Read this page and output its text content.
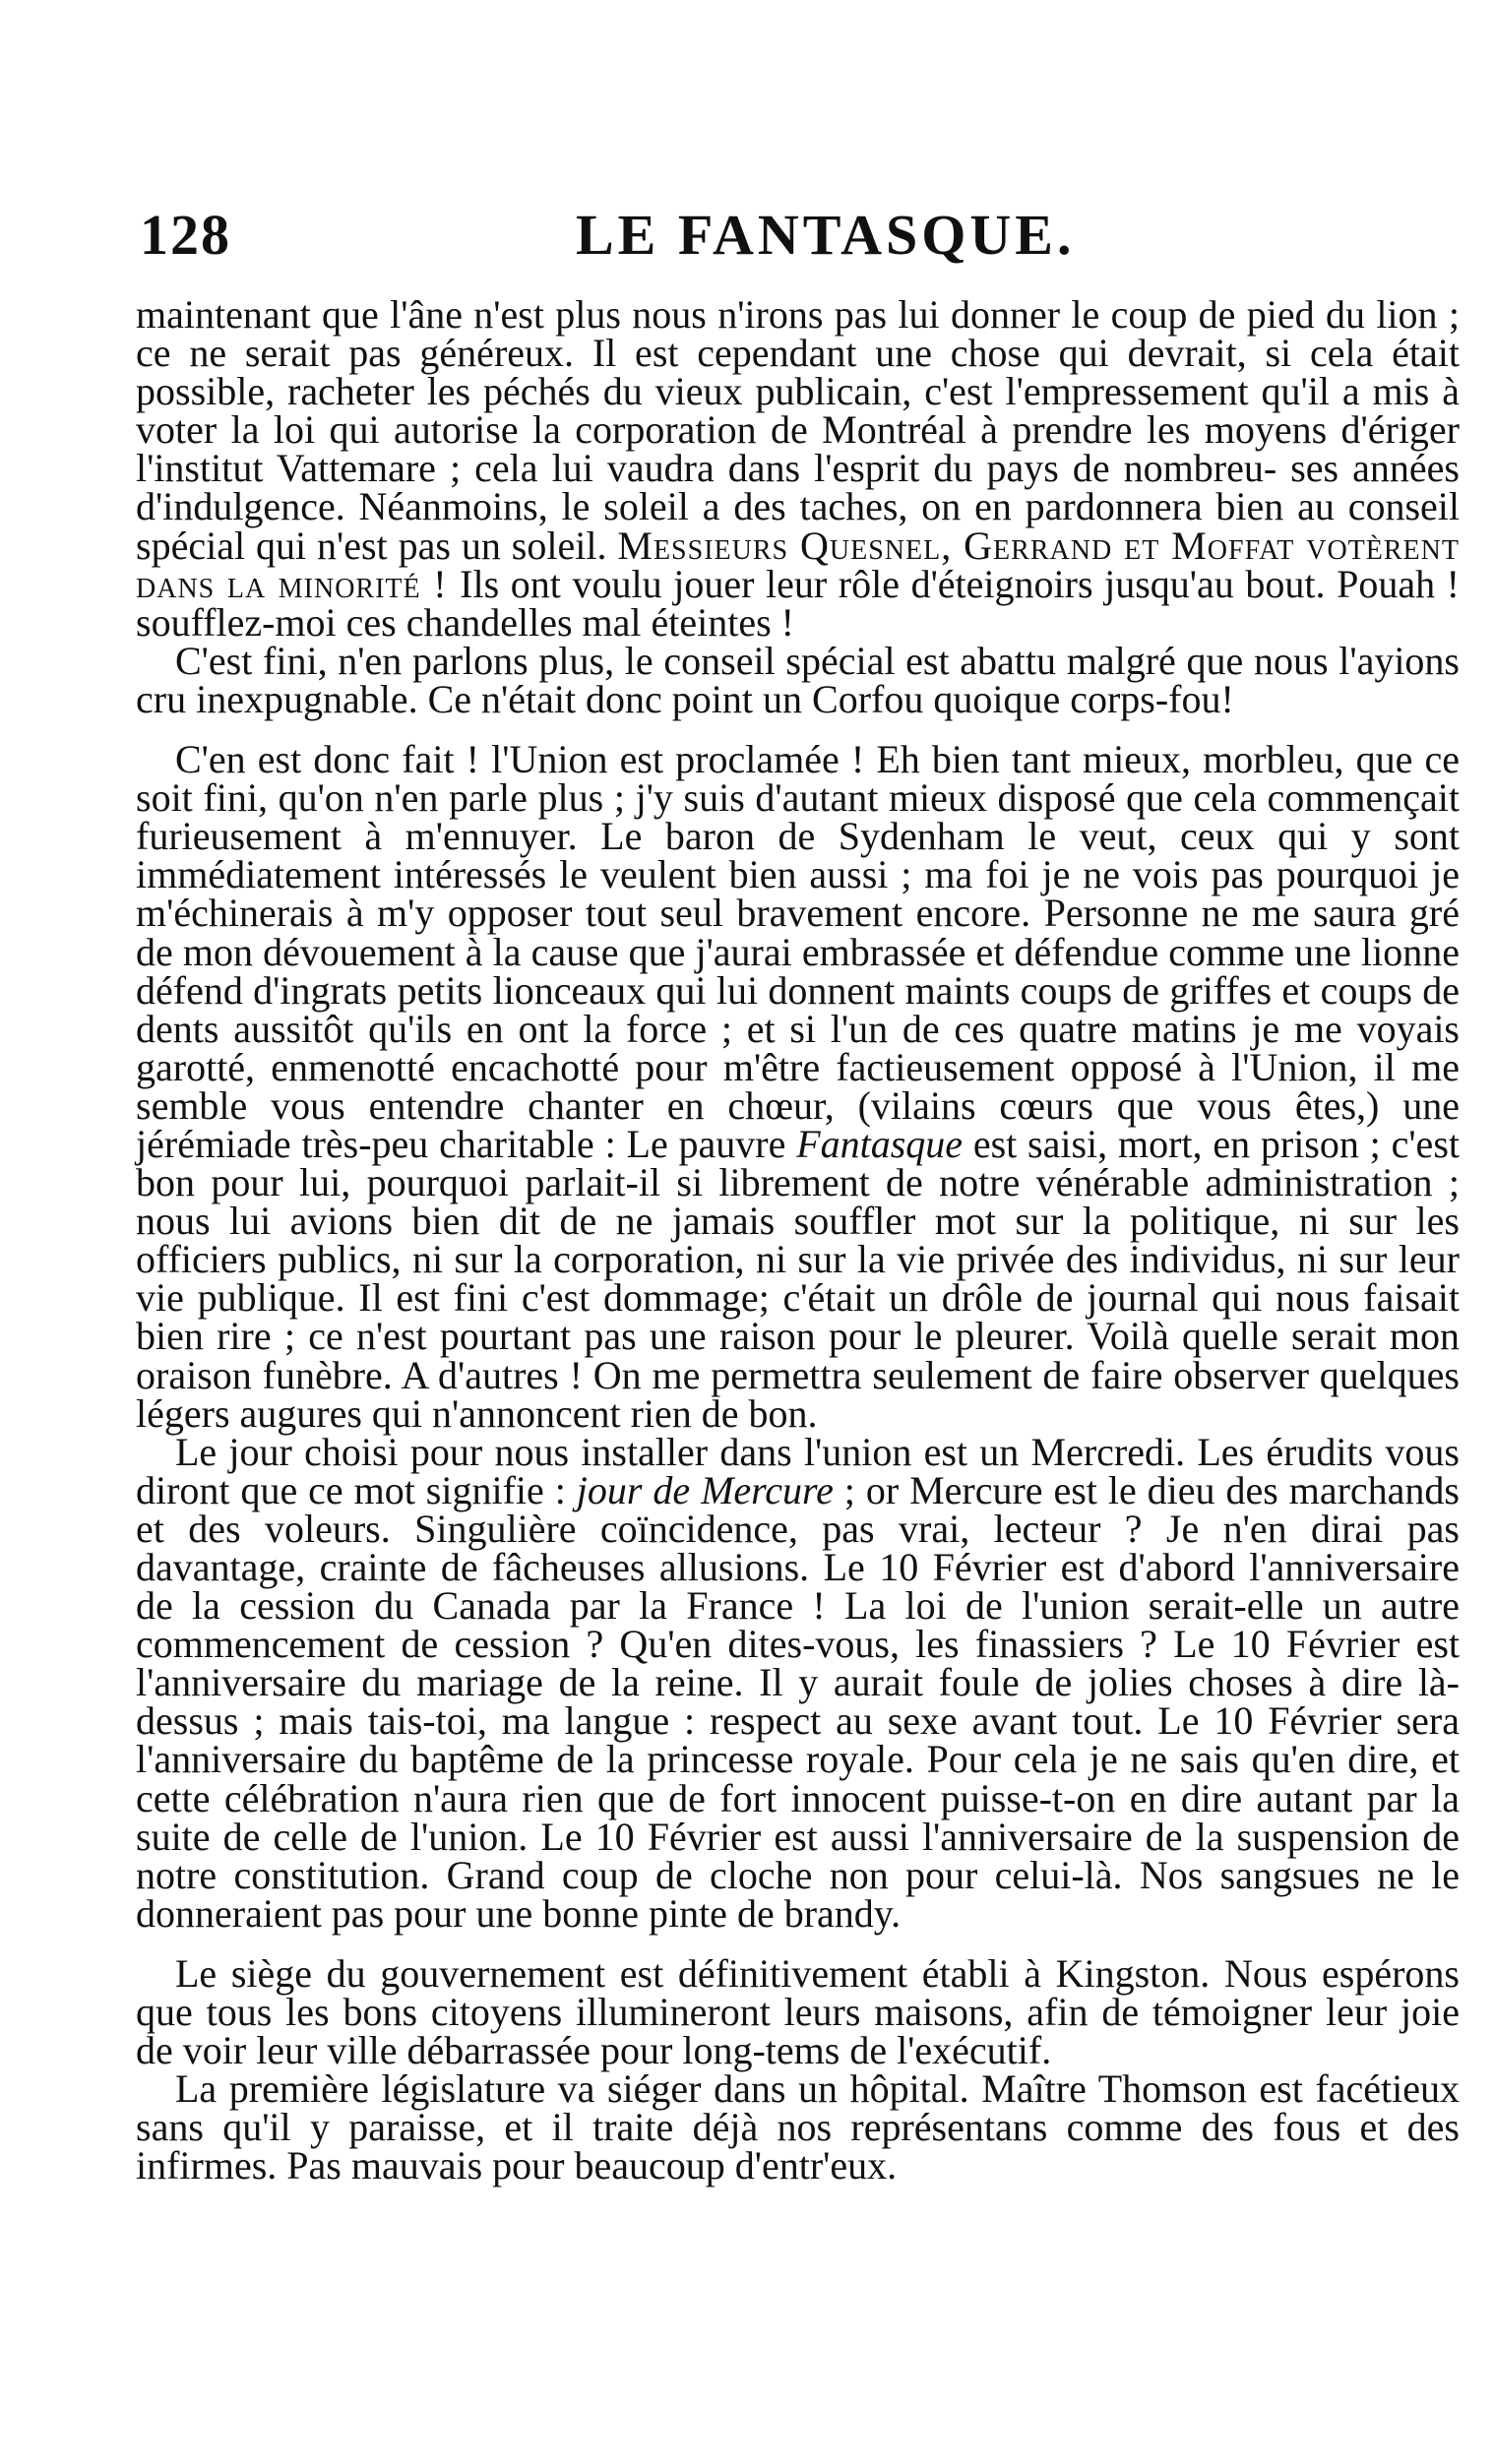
128	LE FANTASQUE.

maintenant que l'âne n'est plus nous n'irons pas lui donner le coup de pied du lion ; ce ne serait pas généreux. Il est cependant une chose qui devrait, si cela était possible, racheter les péchés du vieux publicain, c'est l'empressement qu'il a mis à voter la loi qui autorise la corporation de Montréal à prendre les moyens d'ériger l'institut Vattemare ; cela lui vaudra dans l'esprit du pays de nombreu- ses années d'indulgence. Néanmoins, le soleil a des taches, on en pardonnera bien au conseil spécial qui n'est pas un soleil. Messieurs Quesnel, Gerrand et Moffat votèrent dans la minorité ! Ils ont voulu jouer leur rôle d'éteignoirs jusqu'au bout. Pouah ! soufflez-moi ces chandelles mal éteintes !

C'est fini, n'en parlons plus, le conseil spécial est abattu malgré que nous l'ayions cru inexpugnable. Ce n'était donc point un Corfou quoique corps-fou!

C'en est donc fait ! l'Union est proclamée ! Eh bien tant mieux, morbleu, que ce soit fini, qu'on n'en parle plus ; j'y suis d'autant mieux disposé que cela commençait furieusement à m'ennuyer. Le baron de Sydenham le veut, ceux qui y sont immédiatement intéressés le veulent bien aussi ; ma foi je ne vois pas pourquoi je m'échinerais à m'y opposer tout seul bravement encore. Personne ne me saura gré de mon dévouement à la cause que j'aurai embrassée et défendue comme une lionne défend d'ingrats petits lionceaux qui lui donnent maints coups de griffes et coups de dents aussitôt qu'ils en ont la force ; et si l'un de ces quatre matins je me voyais garotté, enmenotté encachotté pour m'être factieusement opposé à l'Union, il me semble vous entendre chanter en chœur, (vilains cœurs que vous êtes,) une jérémiade très-peu charitable : Le pauvre Fantasque est saisi, mort, en prison ; c'est bon pour lui, pourquoi parlait-il si librement de notre vénérable administration ; nous lui avions bien dit de ne jamais souffler mot sur la politique, ni sur les officiers publics, ni sur la corporation, ni sur la vie privée des individus, ni sur leur vie publique. Il est fini c'est dommage; c'était un drôle de journal qui nous faisait bien rire ; ce n'est pourtant pas une raison pour le pleurer. Voilà quelle serait mon oraison funèbre. A d'autres ! On me permettra seulement de faire observer quelques légers augures qui n'annoncent rien de bon.

Le jour choisi pour nous installer dans l'union est un Mercredi. Les érudits vous diront que ce mot signifie : jour de Mercure ; or Mercure est le dieu des marchands et des voleurs. Singulière coïncidence, pas vrai, lecteur ? Je n'en dirai pas davantage, crainte de fâcheuses allusions. Le 10 Février est d'abord l'anniversaire de la cession du Canada par la France ! La loi de l'union serait-elle un autre commencement de cession ? Qu'en dites-vous, les finassiers ? Le 10 Février est l'anniversaire du mariage de la reine. Il y aurait foule de jolies choses à dire là-dessus ; mais tais-toi, ma langue : respect au sexe avant tout. Le 10 Février sera l'anniversaire du baptême de la princesse royale. Pour cela je ne sais qu'en dire, et cette célébration n'aura rien que de fort innocent puisse-t-on en dire autant par la suite de celle de l'union. Le 10 Février est aussi l'anniversaire de la suspension de notre constitution. Grand coup de cloche non pour celui-là. Nos sangsues ne le donneraient pas pour une bonne pinte de brandy.

Le siège du gouvernement est définitivement établi à Kingston. Nous espérons que tous les bons citoyens illumineront leurs maisons, afin de témoigner leur joie de voir leur ville débarrassée pour long-tems de l'exécutif.

La première législature va siéger dans un hôpital. Maître Thomson est facétieux sans qu'il y paraisse, et il traite déjà nos représentans comme des fous et des infirmes. Pas mauvais pour beaucoup d'entr'eux.
